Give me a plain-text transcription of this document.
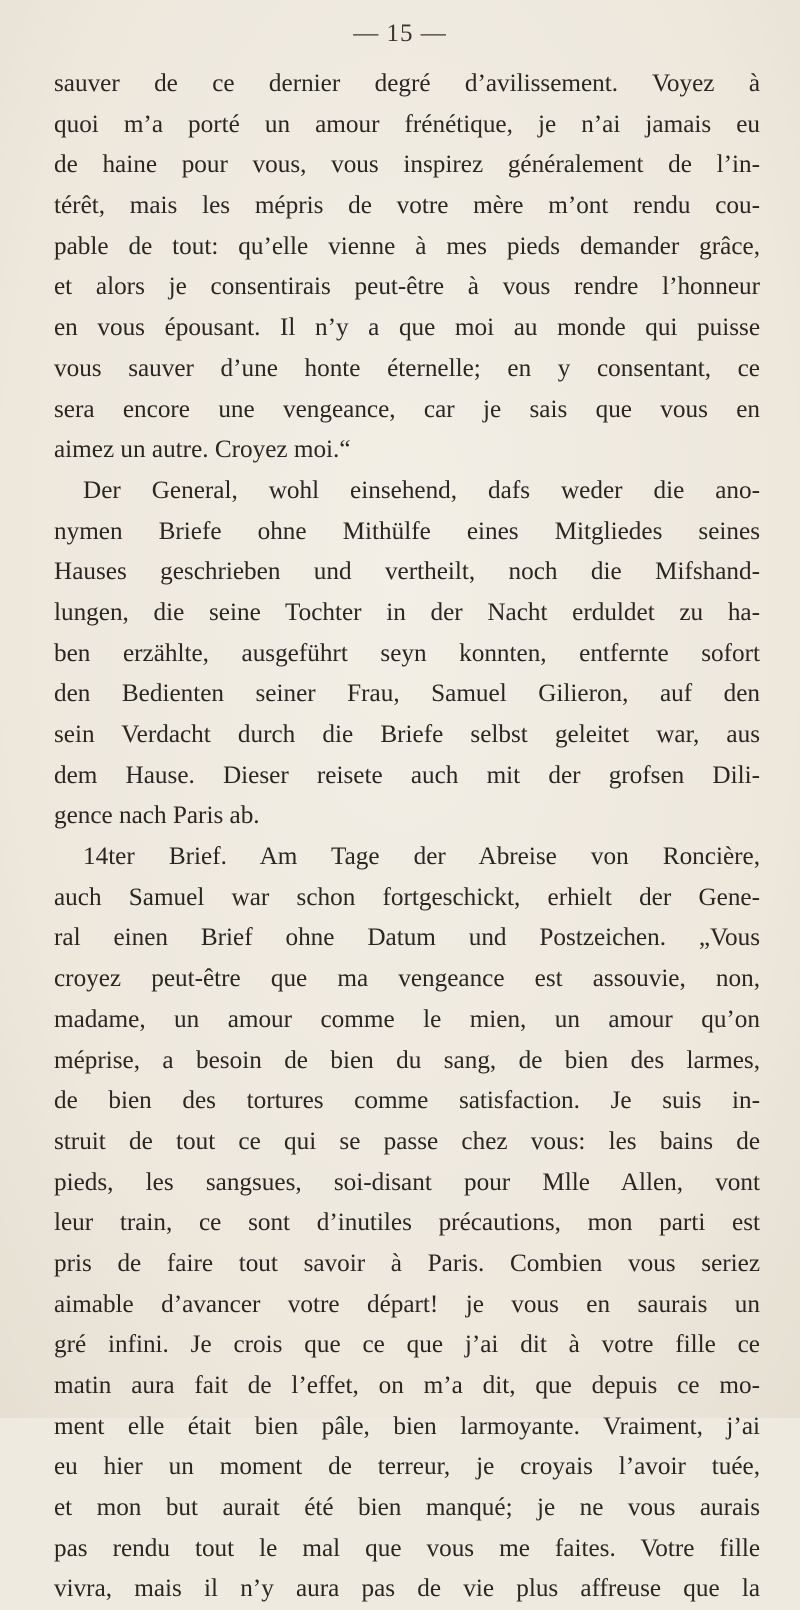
— 15 —
sauver de ce dernier degré d’avilissement. Voyez à
quoi m’a porté un amour frénétique, je n’ai jamais eu
de haine pour vous, vous inspirez généralement de l’in-
térêt, mais les mépris de votre mère m’ont rendu cou-
pable de tout: qu’elle vienne à mes pieds demander grâce,
et alors je consentirais peut-être à vous rendre l’honneur
en vous épousant. Il n’y a que moi au monde qui puisse
vous sauver d’une honte éternelle; en y consentant, ce
sera encore une vengeance, car je sais que vous en
aimez un autre. Croyez moi.“
Der General, wohl einsehend, dafs weder die ano-
nymen Briefe ohne Mithülfe eines Mitgliedes seines
Hauses geschrieben und vertheilt, noch die Mifshand-
lungen, die seine Tochter in der Nacht erduldet zu ha-
ben erzählte, ausgeführt seyn konnten, entfernte sofort
den Bedienten seiner Frau, Samuel Gilieron, auf den
sein Verdacht durch die Briefe selbst geleitet war, aus
dem Hause. Dieser reisete auch mit der grofsen Dili-
gence nach Paris ab.
14ter Brief. Am Tage der Abreise von Roncière,
auch Samuel war schon fortgeschickt, erhielt der Gene-
ral einen Brief ohne Datum und Postzeichen. „Vous
croyez peut-être que ma vengeance est assouvie, non,
madame, un amour comme le mien, un amour qu’on
méprise, a besoin de bien du sang, de bien des larmes,
de bien des tortures comme satisfaction. Je suis in-
struit de tout ce qui se passe chez vous: les bains de
pieds, les sangsues, soi-disant pour Mlle Allen, vont
leur train, ce sont d’inutiles précautions, mon parti est
pris de faire tout savoir à Paris. Combien vous seriez
aimable d’avancer votre départ! je vous en saurais un
gré infini. Je crois que ce que j’ai dit à votre fille ce
matin aura fait de l’effet, on m’a dit, que depuis ce mo-
ment elle était bien pâle, bien larmoyante. Vraiment, j’ai
eu hier un moment de terreur, je croyais l’avoir tuée,
et mon but aurait été bien manqué; je ne vous aurais
pas rendu tout le mal que vous me faites. Votre fille
vivra, mais il n’y aura pas de vie plus affreuse que la
